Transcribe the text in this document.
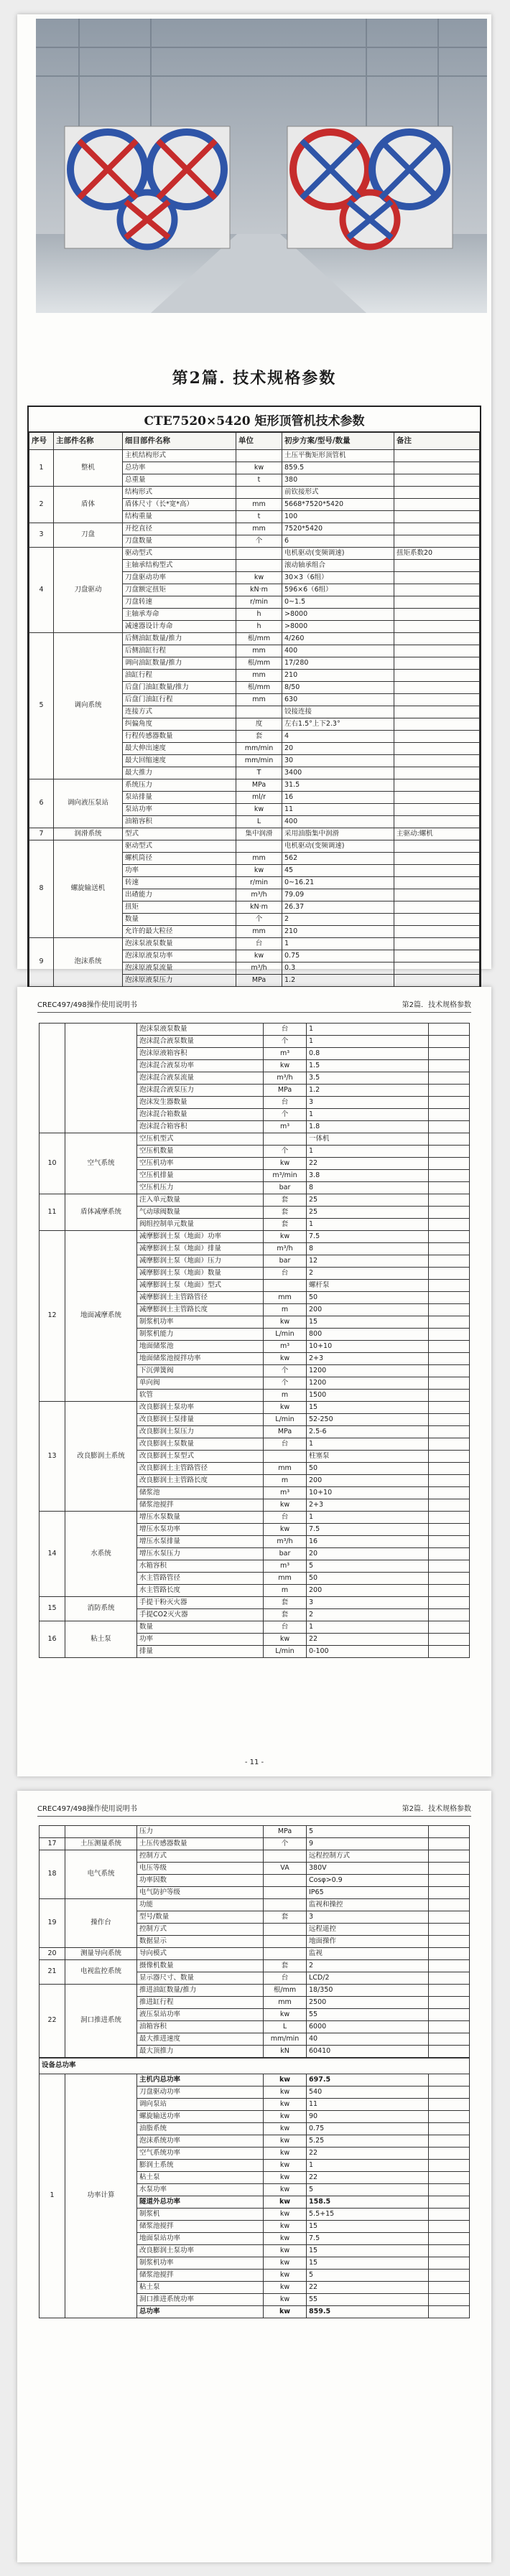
第2篇. 技术规格参数
CTE7520×5420 矩形顶管机技术参数
序号	主部件名称	细目部件名称	单位	初步方案/型号/数量	备注
1	整机	主机结构形式		土压平衡矩形顶管机	
		总功率	kw	859.5	
		总重量	t	380	
2	盾体	结构形式		前钦接形式	
		盾体尺寸（长*宽*高）	mm	5668*7520*5420	
		结构重量	t	100	
3	刀盘	开挖直径	mm	7520*5420	
		刀盘数量	个	6	
4	刀盘驱动	驱动型式		电机驱动(变频调速)	扭矩系数20
		主轴承结构型式		滚动轴承组合	
		刀盘驱动功率	kw	30×3（6组）	
		刀盘额定扭矩	kN·m	596×6（6组）	
		刀盘转速	r/min	0~1.5	
		主轴承寿命	h	>8000	
		减速器设计寿命	h	>8000	
5	调向系统	后侧油缸数量/推力	根/mm	4/260	
		后侧油缸行程	mm	400	
		调向油缸数量/推力	根/mm	17/280	
		油缸行程	mm	210	
		后盘门油缸数量/推力	根/mm	8/50	
		后盘门油缸行程	mm	630	
		连接方式		铰接连接	
		纠偏角度	度	左右1.5°上下2.3°	
		行程传感器数量	套	4	
		最大伸出速度	mm/min	20	
		最大回缩速度	mm/min	30	
		最大推力	T	3400	
6	调向液压泵站	系统压力	MPa	31.5	
		泵站排量	ml/r	16	
		泵站功率	kw	11	
		油箱容积	L	400	
7	润滑系统	型式	集中润滑	采用油脂集中润滑	主驱动:螺机
8	螺旋输送机	驱动型式		电机驱动(变频调速)	
		螺机筒径	mm	562	
		功率	kw	45	
		转速	r/min	0~16.21	
		出碴能力	m³/h	79.09	
		扭矩	kN·m	26.37	
		数量	个	2	
		允许的最大粒径	mm	210	
9	泡沫系统	泡沫泵液泵数量	台	1	
		泡沫原液泵功率	kw	0.75	
		泡沫原液泵流量	m³/h	0.3	
		泡沫原液泵压力	MPa	1.2	
CREC497/498操作使用说明书	第2篇．技术规格参数
		泡沫泵液泵数量	台	1	
		泡沫混合液泵数量	个	1	
		泡沫原液箱容积	m³	0.8	
		泡沫混合液泵功率	kw	1.5	
		泡沫混合液泵流量	m³/h	3.5	
		泡沫混合液泵压力	MPa	1.2	
		泡沫发生器数量	台	3	
		泡沫混合箱数量	个	1	
		泡沫混合箱容积	m³	1.8	
10	空气系统	空压机型式		一体机	
		空压机数量	个	1	
		空压机功率	kw	22	
		空压机排量	m³/min	3.8	
		空压机压力	bar	8	
11	盾体减摩系统	注入单元数量	套	25	
		气动球阀数量	套	25	
		阀组控制单元数量	套	1	
12	地面减摩系统	减摩膨润土泵（地面）功率	kw	7.5	
		减摩膨润土泵（地面）排量	m³/h	8	
		减摩膨润土泵（地面）压力	bar	12	
		减摩膨润土泵（地面）数量	台	2	
		减摩膨润土泵（地面）型式		螺杆泵	
		减摩膨润土主管路管径	mm	50	
		减摩膨润土主管路长度	m	200	
		制浆机功率	kw	15	
		制浆机能力	L/min	800	
		地面储浆池	m³	10+10	
		地面储浆池搅拌功率	kw	2+3	
		下沉弹簧阀	个	1200	
		单向阀	个	1200	
		软管	m	1500	
13	改良膨润土系统	改良膨润土泵功率	kw	15	
		改良膨润土泵排量	L/min	52-250	
		改良膨润土泵压力	MPa	2.5-6	
		改良膨润土泵数量	台	1	
		改良膨润土泵型式		柱塞泵	
		改良膨润土主管路管径	mm	50	
		改良膨润土主管路长度	m	200	
		储浆池	m³	10+10	
		储浆池搅拌	kw	2+3	
14	水系统	增压水泵数量	台	1	
		增压水泵功率	kw	7.5	
		增压水泵排量	m³/h	16	
		增压水泵压力	bar	20	
		水箱容积	m³	5	
		水主管路管径	mm	50	
		水主管路长度	m	200	
15	消防系统	手提干粉灭火器	套	3	
		手提CO2灭火器	套	2	
16	粘土泵	数量	台	1	
		功率	kw	22	
		排量	L/min	0-100	
- 11 -
CREC497/498操作使用说明书	第2篇．技术规格参数
		压力	MPa	5	
17	土压测量系统	土压传感器数量	个	9	
18	电气系统	控制方式		远程控制方式	
		电压等级	VA	380V	
		功率因数		Cosφ>0.9	
		电气防护等级		IP65	
19	操作台	功能		监视和操控	
		型号/数量	套	3	
		控制方式		远程遥控	
		数据显示		地面操作	
20	测量导向系统	导向模式		监视	
21	电视监控系统	摄像机数量	套	2	
		显示器尺寸、数量	台	LCD/2	
22	洞口推进系统	推进油缸数量/推力	根/mm	18/350	
		推进缸行程	mm	2500	
		液压泵站功率	kw	55	
		油箱容积	L	6000	
		最大推进速度	mm/min	40	
		最大顶推力	kN	60410	
设备总功率					
1	功率计算	主机内总功率	kw	697.5	
		刀盘驱动功率	kw	540	
		调向泵站	kw	11	
		螺旋输送功率	kw	90	
		油脂系统	kw	0.75	
		泡沫系统功率	kw	5.25	
		空气系统功率	kw	22	
		膨润土系统	kw	1	
		粘土泵	kw	22	
		水泵功率	kw	5	
		隧道外总功率	kw	158.5	
		制浆机	kw	5.5+15	
		储浆池搅拌	kw	15	
		地面泵站功率	kw	7.5	
		改良膨润土泵功率	kw	15	
		制浆机功率	kw	15	
		储浆池搅拌	kw	5	
		粘土泵	kw	22	
		洞口推进系统功率	kw	55	
		总功率	kw	859.5	
